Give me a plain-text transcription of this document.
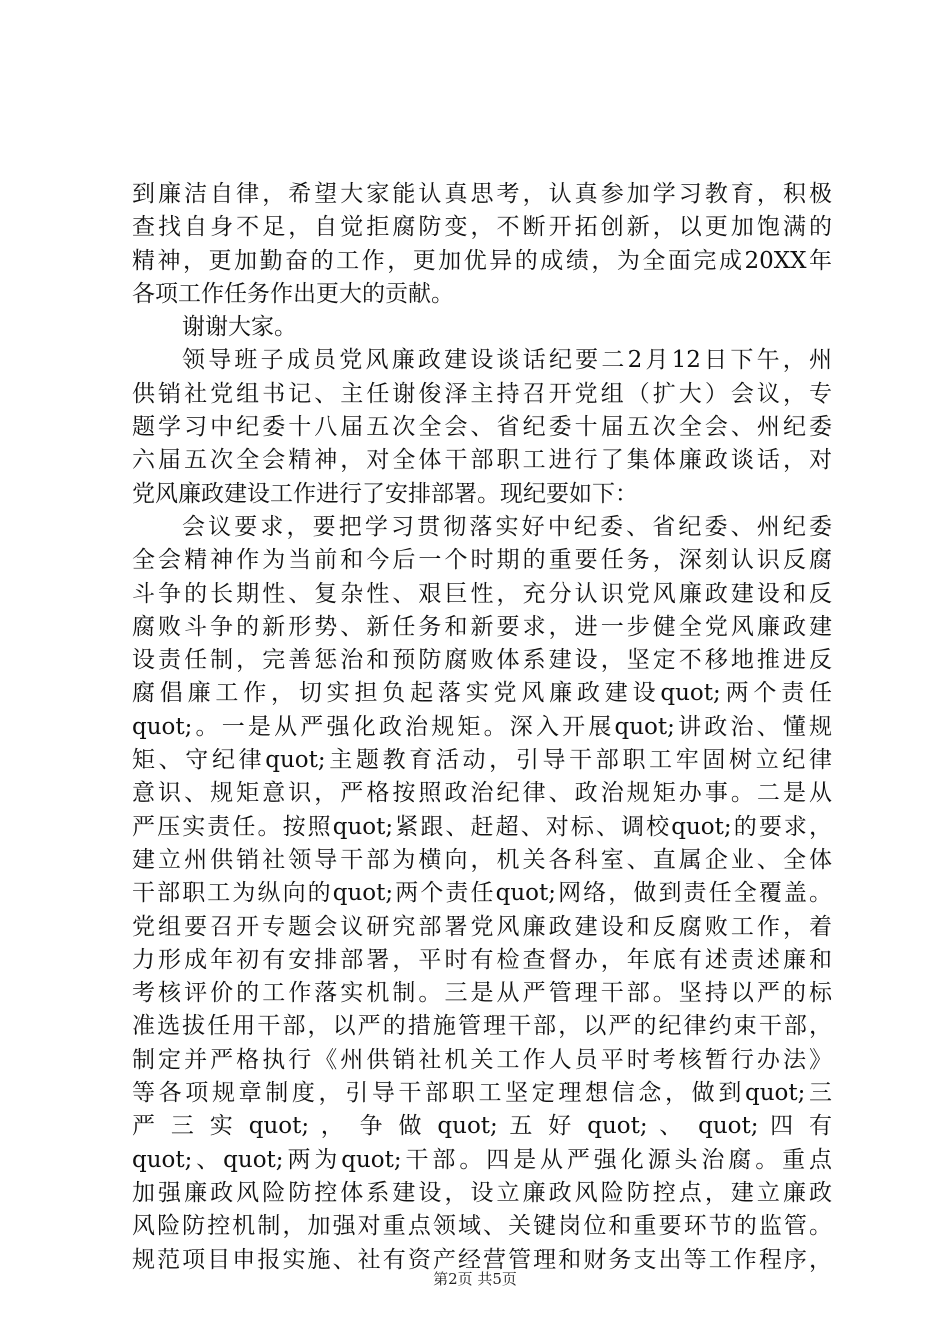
到廉洁自律，希望大家能认真思考，认真参加学习教育，积极
查找自身不足，自觉拒腐防变，不断开拓创新，以更加饱满的
精神，更加勤奋的工作，更加优异的成绩，为全面完成20XX年
各项工作任务作出更大的贡献。
谢谢大家。
领导班子成员党风廉政建设谈话纪要二2月12日下午，州
供销社党组书记、主任谢俊泽主持召开党组（扩大）会议，专
题学习中纪委十八届五次全会、省纪委十届五次全会、州纪委
六届五次全会精神，对全体干部职工进行了集体廉政谈话，对
党风廉政建设工作进行了安排部署。现纪要如下：
会议要求，要把学习贯彻落实好中纪委、省纪委、州纪委
全会精神作为当前和今后一个时期的重要任务，深刻认识反腐
斗争的长期性、复杂性、艰巨性，充分认识党风廉政建设和反
腐败斗争的新形势、新任务和新要求，进一步健全党风廉政建
设责任制，完善惩治和预防腐败体系建设，坚定不移地推进反
腐倡廉工作，切实担负起落实党风廉政建设quot;两个责任
quot;。一是从严强化政治规矩。深入开展quot;讲政治、懂规
矩、守纪律quot;主题教育活动，引导干部职工牢固树立纪律
意识、规矩意识，严格按照政治纪律、政治规矩办事。二是从
严压实责任。按照quot;紧跟、赶超、对标、调校quot;的要求，
建立州供销社领导干部为横向，机关各科室、直属企业、全体
干部职工为纵向的quot;两个责任quot;网络，做到责任全覆盖。
党组要召开专题会议研究部署党风廉政建设和反腐败工作，着
力形成年初有安排部署，平时有检查督办，年底有述责述廉和
考核评价的工作落实机制。三是从严管理干部。坚持以严的标
准选拔任用干部，以严的措施管理干部，以严的纪律约束干部，
制定并严格执行《州供销社机关工作人员平时考核暂行办法》
等各项规章制度，引导干部职工坚定理想信念，做到quot;三
严 三 实 quot; ， 争 做 quot; 五 好 quot; 、 quot; 四 有
quot;、quot;两为quot;干部。四是从严强化源头治腐。重点
加强廉政风险防控体系建设，设立廉政风险防控点，建立廉政
风险防控机制，加强对重点领域、关键岗位和重要环节的监管。
规范项目申报实施、社有资产经营管理和财务支出等工作程序，
第2页 共5页
